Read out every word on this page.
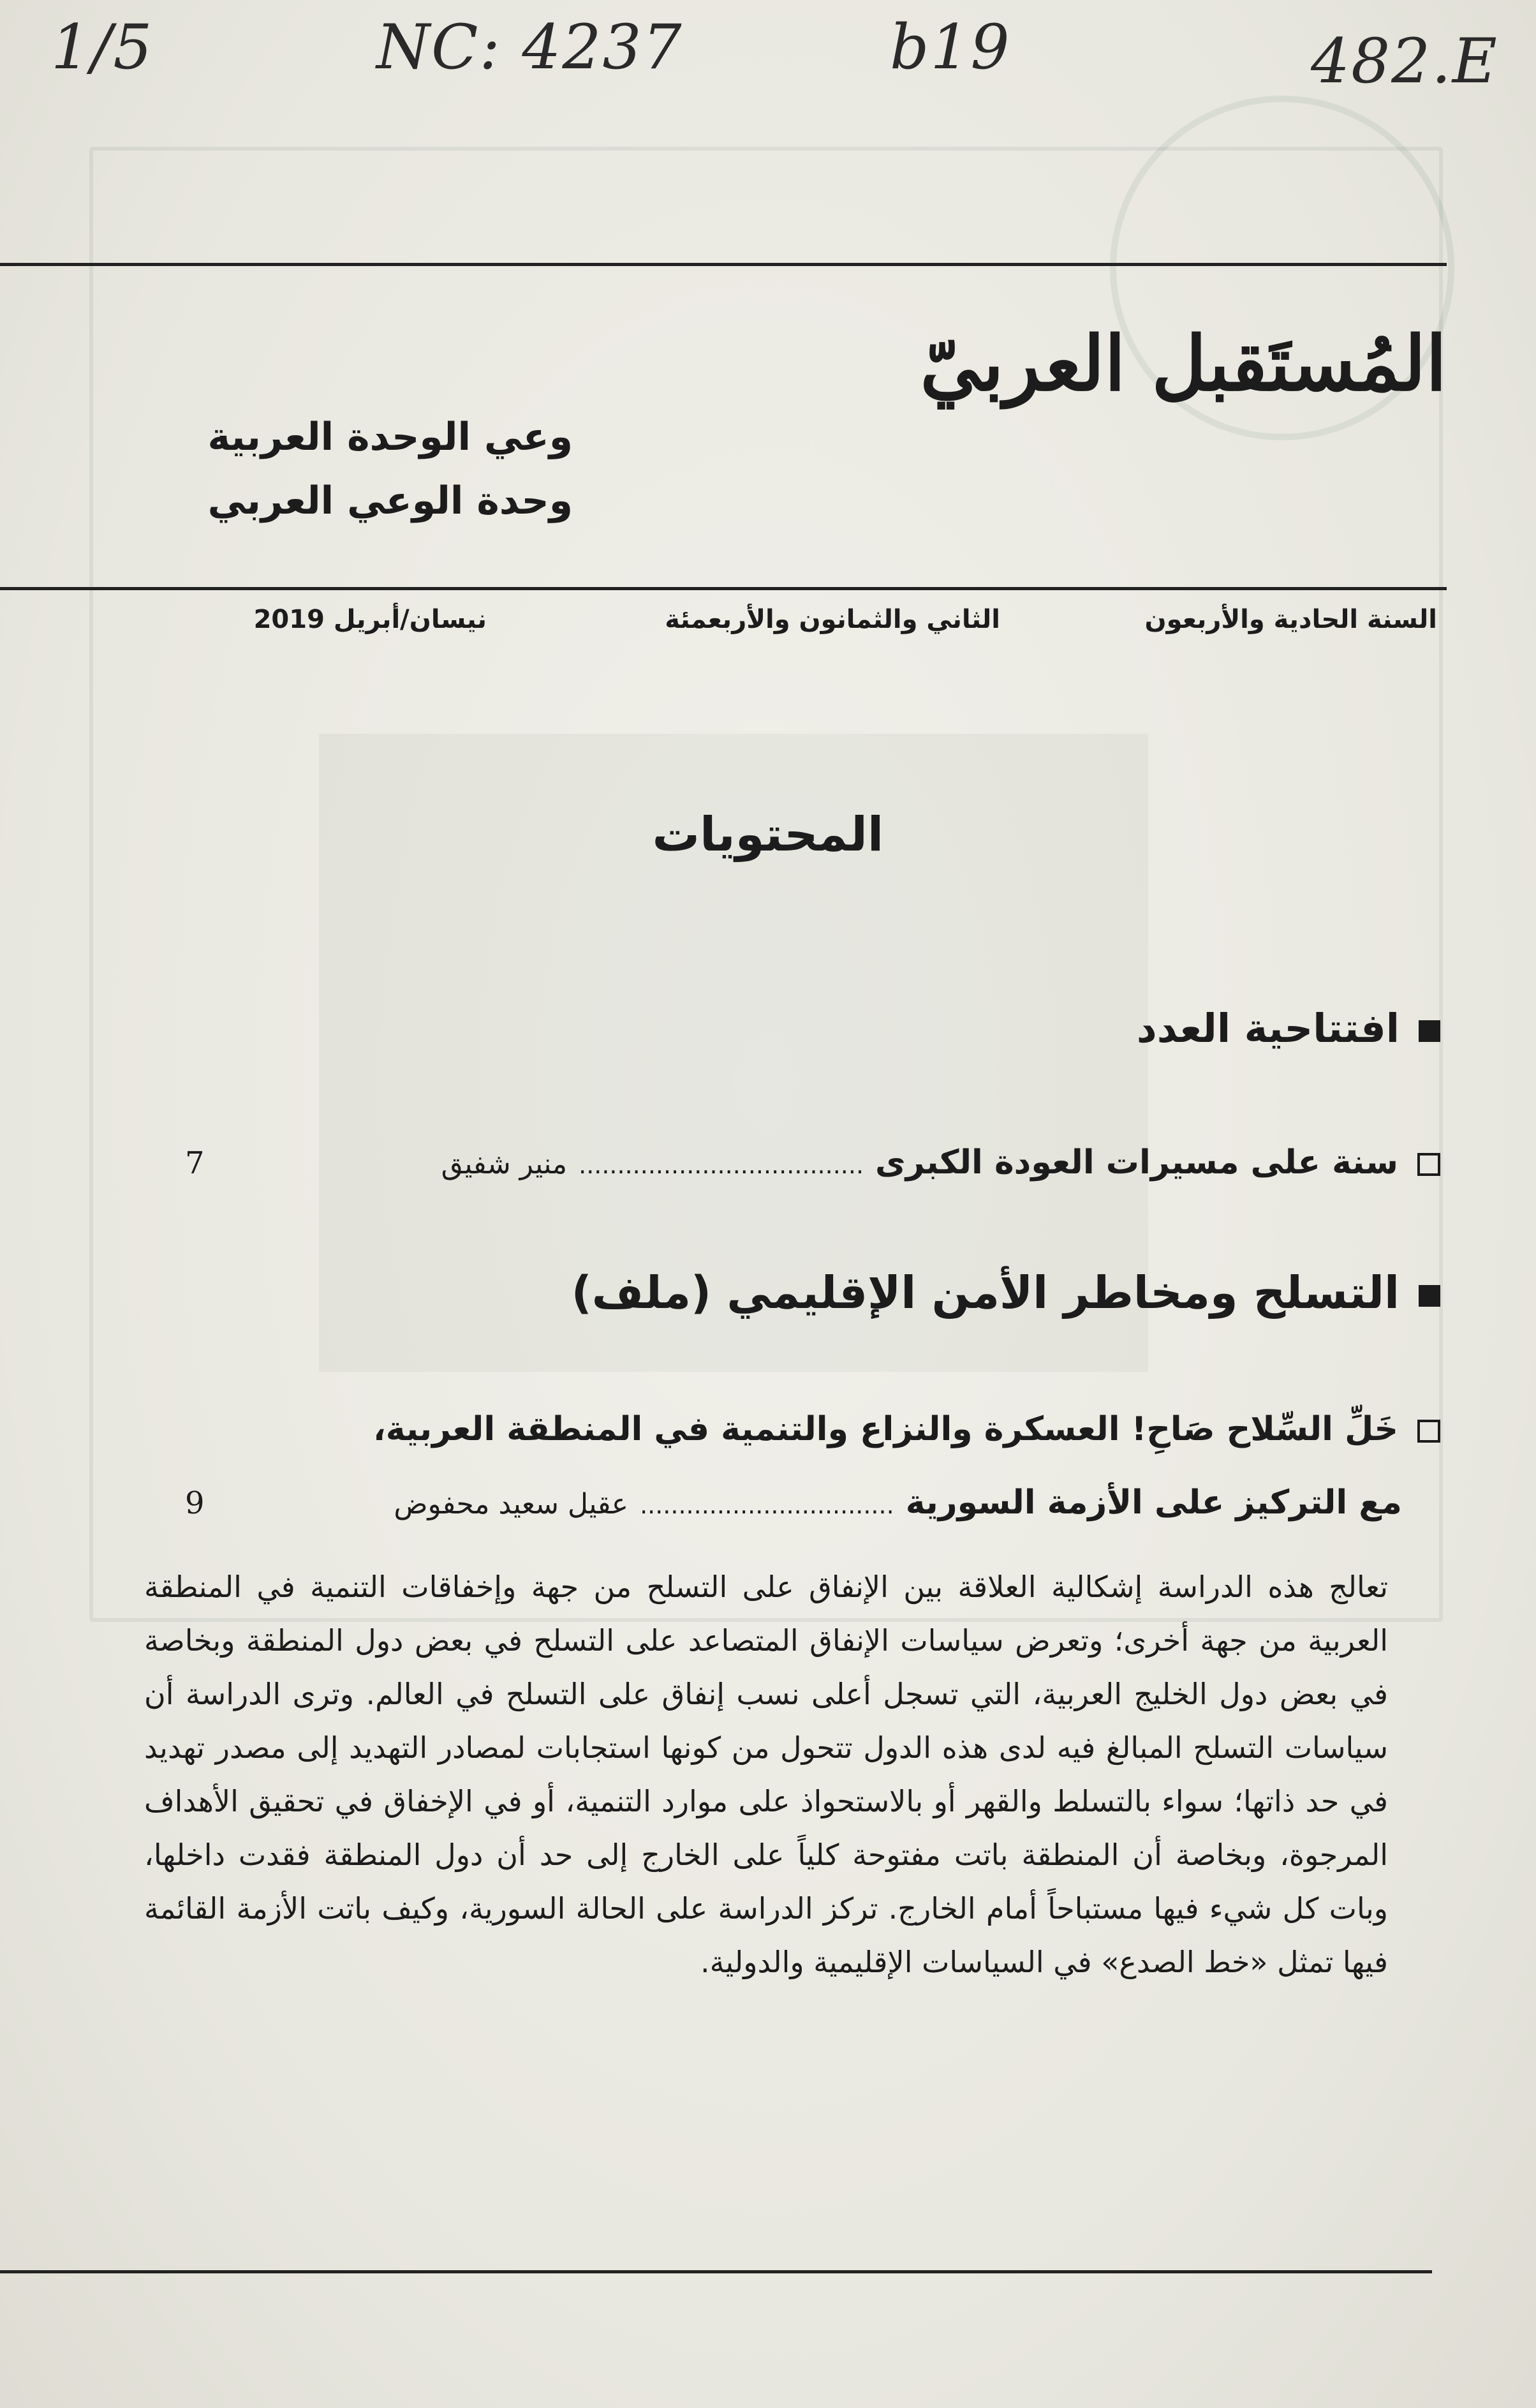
1/5	NC: 4237	b19	482.E
المُستَقبل العربيّ
وعي الوحدة العربية
وحدة الوعي العربي
السنة الحادية والأربعون
الثاني والثمانون والأربعمئة
نيسان/أبريل 2019
المحتويات
افتتاحية العدد
سنة على مسيرات العودة الكبرى.....................................منير شفيق
7
التسلح ومخاطر الأمن الإقليمي (ملف)
خَلِّ السِّلاح صَاحِ! العسكرة والنزاع والتنمية في المنطقة العربية،
مع التركيز على الأزمة السورية.................................عقيل سعيد محفوض
9
تعالج هذه الدراسة إشكالية العلاقة بين الإنفاق على التسلح من جهة وإخفاقات التنمية في المنطقة العربية من جهة أخرى؛ وتعرض سياسات الإنفاق المتصاعد على التسلح في بعض دول المنطقة وبخاصة في بعض دول الخليج العربية، التي تسجل أعلى نسب إنفاق على التسلح في العالم. وترى الدراسة أن سياسات التسلح المبالغ فيه لدى هذه الدول تتحول من كونها استجابات لمصادر التهديد إلى مصدر تهديد في حد ذاتها؛ سواء بالتسلط والقهر أو بالاستحواذ على موارد التنمية، أو في الإخفاق في تحقيق الأهداف المرجوة، وبخاصة أن المنطقة باتت مفتوحة كلياً على الخارج إلى حد أن دول المنطقة فقدت داخلها، وبات كل شيء فيها مستباحاً أمام الخارج. تركز الدراسة على الحالة السورية، وكيف باتت الأزمة القائمة فيها تمثل «خط الصدع» في السياسات الإقليمية والدولية.
